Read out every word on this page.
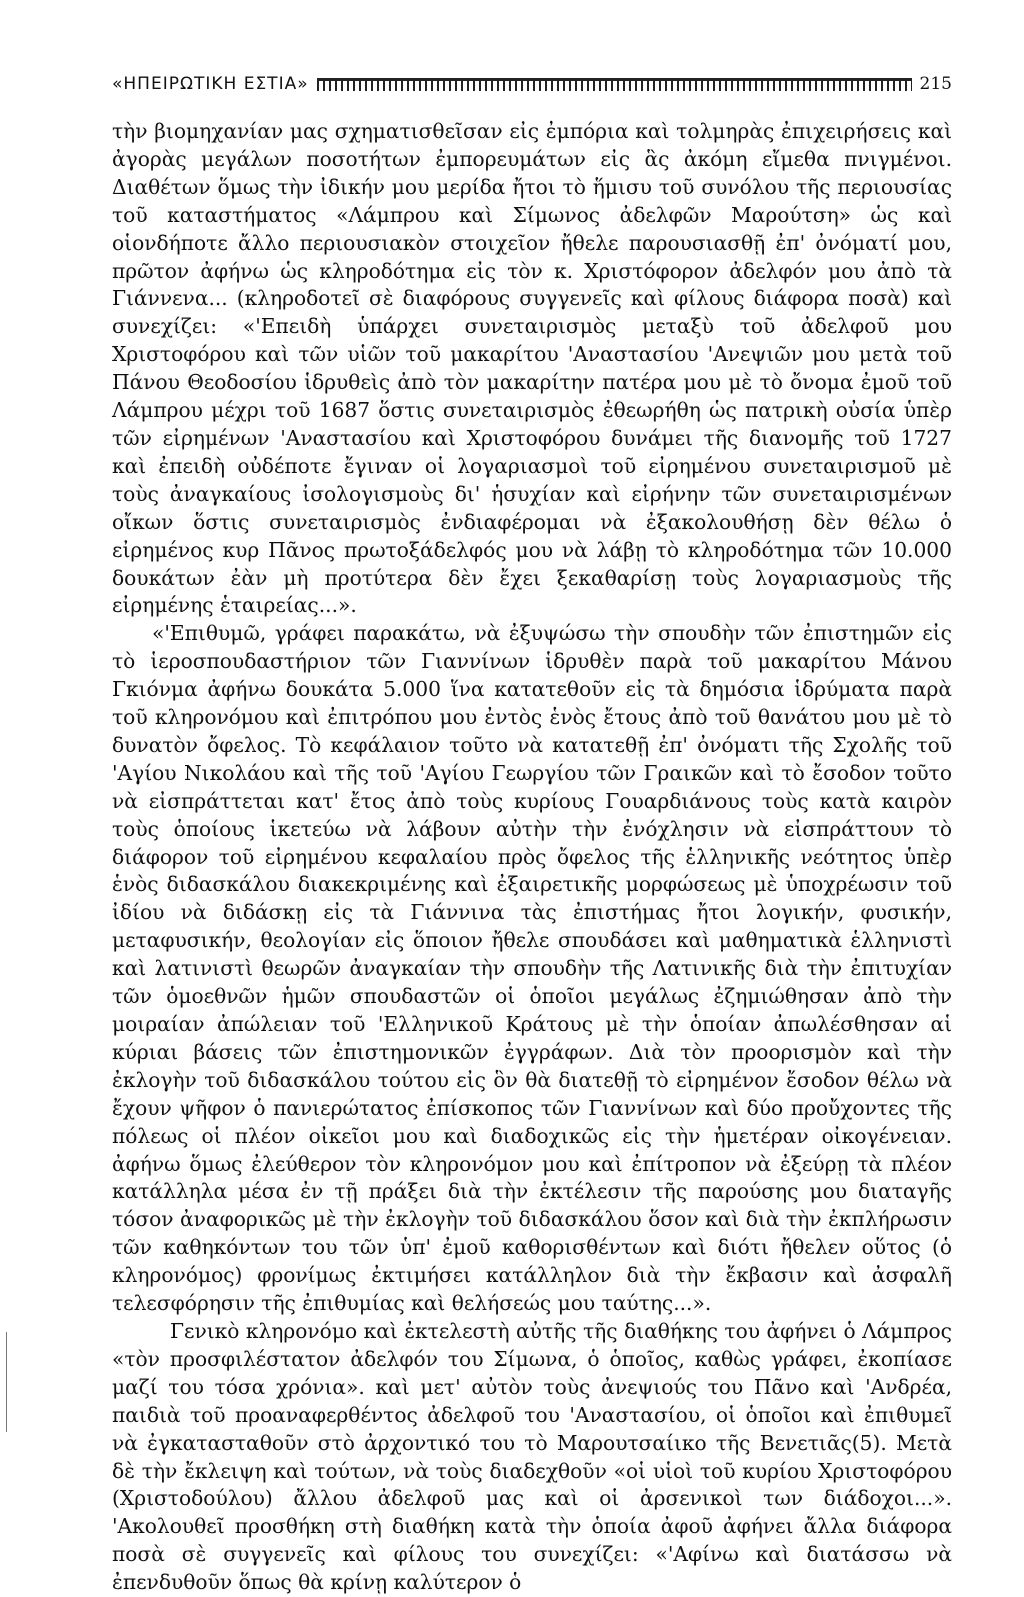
«ΗΠΕΙΡΩΤΙΚΗ ΕΣΤΙΑ»	215

τὴν βιομηχανίαν μας σχηματισθεῖσαν εἰς ἐμπόρια καὶ τολμηρὰς ἐπιχειρήσεις καὶ ἀγορὰς μεγάλων ποσοτήτων ἐμπορευμάτων εἰς ἃς ἀκόμη εἴμεθα πνιγμένοι. Διαθέτων ὅμως τὴν ἰδικήν μου μερίδα ἤτοι τὸ ἥμισυ τοῦ συνόλου τῆς περιουσίας τοῦ καταστήματος «Λάμπρου καὶ Σίμωνος ἀδελφῶν Μαρούτση» ὡς καὶ οἱονδήποτε ἄλλο περιουσιακὸν στοιχεῖον ἤθελε παρουσιασθῇ ἐπ' ὀνόματί μου, πρῶτον ἀφήνω ὡς κληροδότημα εἰς τὸν κ. Χριστόφορον ἀδελφόν μου ἀπὸ τὰ Γιάννενα... (κληροδοτεῖ σὲ διαφόρους συγγενεῖς καὶ φίλους διάφορα ποσὰ) καὶ συνεχίζει: «'Επειδὴ ὑπάρχει συνεταιρισμὸς μεταξὺ τοῦ ἀδελφοῦ μου Χριστοφόρου καὶ τῶν υἱῶν τοῦ μακαρίτου 'Αναστασίου 'Ανεψιῶν μου μετὰ τοῦ Πάνου Θεοδοσίου ἱδρυθεὶς ἀπὸ τὸν μακαρίτην πατέρα μου μὲ τὸ ὄνομα ἐμοῦ τοῦ Λάμπρου μέχρι τοῦ 1687 ὅστις συνεταιρισμὸς ἐθεωρήθη ὡς πατρικὴ οὐσία ὑπὲρ τῶν εἰρημένων 'Αναστασίου καὶ Χριστοφόρου δυνάμει τῆς διανομῆς τοῦ 1727 καὶ ἐπειδὴ οὐδέποτε ἔγιναν οἱ λογαριασμοὶ τοῦ εἰρημένου συνεταιρισμοῦ μὲ τοὺς ἀναγκαίους ἰσολογισμοὺς δι' ἡσυχίαν καὶ εἰρήνην τῶν συνεταιρισμένων οἴκων ὅστις συνεταιρισμὸς ἐνδιαφέρομαι νὰ ἐξακολουθήσῃ δὲν θέλω ὁ εἰρημένος κυρ Πᾶνος πρωτοξάδελφός μου νὰ λάβῃ τὸ κληροδότημα τῶν 10.000 δουκάτων ἐὰν μὴ προτύτερα δὲν ἔχει ξεκαθαρίσῃ τοὺς λογαριασμοὺς τῆς εἰρημένης ἑταιρείας...».

«'Επιθυμῶ, γράφει παρακάτω, νὰ ἐξυψώσω τὴν σπουδὴν τῶν ἐπιστημῶν εἰς τὸ ἱεροσπουδαστήριον τῶν Γιαννίνων ἱδρυθὲν παρὰ τοῦ μακαρίτου Μάνου Γκιόνμα ἀφήνω δουκάτα 5.000 ἵνα κατατεθοῦν εἰς τὰ δημόσια ἱδρύματα παρὰ τοῦ κληρονόμου καὶ ἐπιτρόπου μου ἐντὸς ἑνὸς ἔτους ἀπὸ τοῦ θανάτου μου μὲ τὸ δυνατὸν ὄφελος. Τὸ κεφάλαιον τοῦτο νὰ κατατεθῇ ἐπ' ὀνόματι τῆς Σχολῆς τοῦ 'Αγίου Νικολάου καὶ τῆς τοῦ 'Αγίου Γεωργίου τῶν Γραικῶν καὶ τὸ ἔσοδον τοῦτο νὰ εἰσπράττεται κατ' ἔτος ἀπὸ τοὺς κυρίους Γουαρδιάνους τοὺς κατὰ καιρὸν τοὺς ὁποίους ἱκετεύω νὰ λάβουν αὐτὴν τὴν ἐνόχλησιν νὰ εἰσπράττουν τὸ διάφορον τοῦ εἰρημένου κεφαλαίου πρὸς ὄφελος τῆς ἑλληνικῆς νεότητος ὑπὲρ ἑνὸς διδασκάλου διακεκριμένης καὶ ἐξαιρετικῆς μορφώσεως μὲ ὑποχρέωσιν τοῦ ἰδίου νὰ διδάσκῃ εἰς τὰ Γιάννινα τὰς ἐπιστήμας ἤτοι λογικήν, φυσικήν, μεταφυσικήν, θεολογίαν εἰς ὅποιον ἤθελε σπουδάσει καὶ μαθηματικὰ ἑλληνιστὶ καὶ λατινιστὶ θεωρῶν ἀναγκαίαν τὴν σπουδὴν τῆς Λατινικῆς διὰ τὴν ἐπιτυχίαν τῶν ὁμοεθνῶν ἡμῶν σπουδαστῶν οἱ ὁποῖοι μεγάλως ἐζημιώθησαν ἀπὸ τὴν μοιραίαν ἀπώλειαν τοῦ 'Ελληνικοῦ Κράτους μὲ τὴν ὁποίαν ἀπωλέσθησαν αἱ κύριαι βάσεις τῶν ἐπιστημονικῶν ἐγγράφων. Διὰ τὸν προορισμὸν καὶ τὴν ἐκλογὴν τοῦ διδασκάλου τούτου εἰς ὃν θὰ διατεθῇ τὸ εἰρημένον ἔσοδον θέλω νὰ ἔχουν ψῆφον ὁ πανιερώτατος ἐπίσκοπος τῶν Γιαννίνων καὶ δύο προὔχοντες τῆς πόλεως οἱ πλέον οἰκεῖοι μου καὶ διαδοχικῶς εἰς τὴν ἡμετέραν οἰκογένειαν. ἀφήνω ὅμως ἐλεύθερον τὸν κληρονόμον μου καὶ ἐπίτροπον νὰ ἐξεύρῃ τὰ πλέον κατάλληλα μέσα ἐν τῇ πράξει διὰ τὴν ἐκτέλεσιν τῆς παρούσης μου διαταγῆς τόσον ἀναφορικῶς μὲ τὴν ἐκλογὴν τοῦ διδασκάλου ὅσον καὶ διὰ τὴν ἐκπλήρωσιν τῶν καθηκόντων του τῶν ὑπ' ἐμοῦ καθορισθέντων καὶ διότι ἤθελεν οὕτος (ὁ κληρονόμος) φρονίμως ἐκτιμήσει κατάλληλον διὰ τὴν ἔκβασιν καὶ ἀσφαλῆ τελεσφόρησιν τῆς ἐπιθυμίας καὶ θελήσεώς μου ταύτης...».

Γενικὸ κληρονόμο καὶ ἐκτελεστὴ αὐτῆς τῆς διαθήκης του ἀφήνει ὁ Λάμπρος «τὸν προσφιλέστατον ἀδελφόν του Σίμωνα, ὁ ὁποῖος, καθὼς γράφει, ἐκοπίασε μαζί του τόσα χρόνια». καὶ μετ' αὐτὸν τοὺς ἀνεψιούς του Πᾶνο καὶ 'Ανδρέα, παιδιὰ τοῦ προαναφερθέντος ἀδελφοῦ του 'Αναστασίου, οἱ ὁποῖοι καὶ ἐπιθυμεῖ νὰ ἐγκατασταθοῦν στὸ ἀρχοντικό του τὸ Μαρουτσαίικο τῆς Βενετιᾶς(5). Μετὰ δὲ τὴν ἔκλειψη καὶ τούτων, νὰ τοὺς διαδεχθοῦν «οἱ υἱοὶ τοῦ κυρίου Χριστοφόρου (Χριστοδούλου) ἄλλου ἀδελφοῦ μας καὶ οἱ ἀρσενικοὶ των διάδοχοι...». 'Ακολουθεῖ προσθήκη στὴ διαθήκη κατὰ τὴν ὁποία ἀφοῦ ἀφήνει ἄλλα διάφορα ποσὰ σὲ συγγενεῖς καὶ φίλους του συνεχίζει: «'Αφίνω καὶ διατάσσω νὰ ἐπενδυθοῦν ὅπως θὰ κρίνῃ καλύτερον ὁ
